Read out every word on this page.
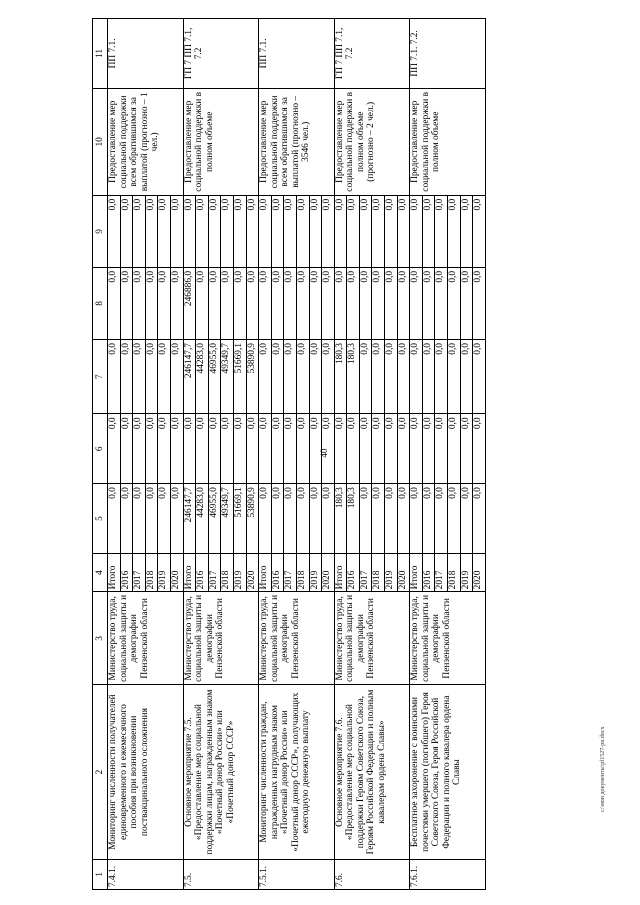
40
1	2	3	4	5	6	7	8	9	10	11
7.4.1.	Мониторинг численности получателей единовременного и ежемесячного пособия при возникновении поствакцинального осложнения	Министерство труда, социальной защиты и демографии Пензенской области	Итого	0,0	0,0	0,0	0,0	0,0	Предоставление мер социальной поддержки всем обратившимся за выплатой (прогнозно – 1 чел.)	ПП 7.1.
			2016	0,0	0,0	0,0	0,0	0,0		
			2017	0,0	0,0	0,0	0,0	0,0		
			2018	0,0	0,0	0,0	0,0	0,0		
			2019	0,0	0,0	0,0	0,0	0,0		
			2020	0,0	0,0	0,0	0,0	0,0		
7.5.	Основное мероприятие 7.5. «Предоставление мер социальной поддержки лицам, награжденным знаком «Почетный донор России» или «Почетный донор СССР»	Министерство труда, социальной защиты и демографии Пензенской области	Итого	246147,7	0,0	246147,7	246886,0	0,0	Предоставление мер социальной поддержки в полном объеме	ГП 7 ПП 7.1, 7.2
			2016	44283,0	0,0	44283,0	0,0	0,0		
			2017	46955,0	0,0	46955,0	0,0	0,0		
			2018	49349,7	0,0	49349,7	0,0	0,0		
			2019	51669,1	0,0	51669,1	0,0	0,0		
			2020	53890,9	0,0	53890,9	0,0	0,0		
7.5.1.	Мониторинг численности граждан, награжденных нагрудным знаком «Почетный донор России» или «Почетный донор СССР», получающих ежегодную денежную выплату	Министерство труда, социальной защиты и демографии Пензенской области	Итого	0,0	0,0	0,0	0,0	0,0	Предоставление мер социальной поддержки всем обратившимся за выплатой (прогнозно – 3546 чел.)	ПП 7.1.
			2016	0,0	0,0	0,0	0,0	0,0		
			2017	0,0	0,0	0,0	0,0	0,0		
			2018	0,0	0,0	0,0	0,0	0,0		
			2019	0,0	0,0	0,0	0,0	0,0		
			2020	0,0	0,0	0,0	0,0	0,0		
7.6.	Основное мероприятие 7.6. «Предоставление мер социальной поддержки Героям Советского Союза, Героям Российской Федерации и полным кавалерам ордена Славы»	Министерство труда, социальной защиты и демографии Пензенской области	Итого	180,3	0,0	180,3	0,0	0,0	Предоставление мер социальной поддержки в полном объеме (прогнозно – 2 чел.)	ГП 7 ПП 7.1, 7.2
			2016	180,3	0,0	180,3	0,0	0,0		
			2017	0,0	0,0	0,0	0,0	0,0		
			2018	0,0	0,0	0,0	0,0	0,0		
			2019	0,0	0,0	0,0	0,0	0,0		
			2020	0,0	0,0	0,0	0,0	0,0		
7.6.1.	Бесплатное захоронение с воинскими почестями умершего (погибшего) Героя Советского Союза, Героя Российской Федерации и полного кавалера ордена Славы	Министерство труда, социальной защиты и демографии Пензенской области	Итого	0,0	0,0	0,0	0,0	0,0	Предоставление мер социальной поддержки в полном объеме	ПП 7.1. 7.2.
			2016	0,0	0,0	0,0	0,0	0,0		
			2017	0,0	0,0	0,0	0,0	0,0		
			2018	0,0	0,0	0,0	0,0	0,0		
			2019	0,0	0,0	0,0	0,0	0,0		
			2020	0,0	0,0	0,0	0,0	0,0		
c:\мои документы\pf1527-pn.docx
